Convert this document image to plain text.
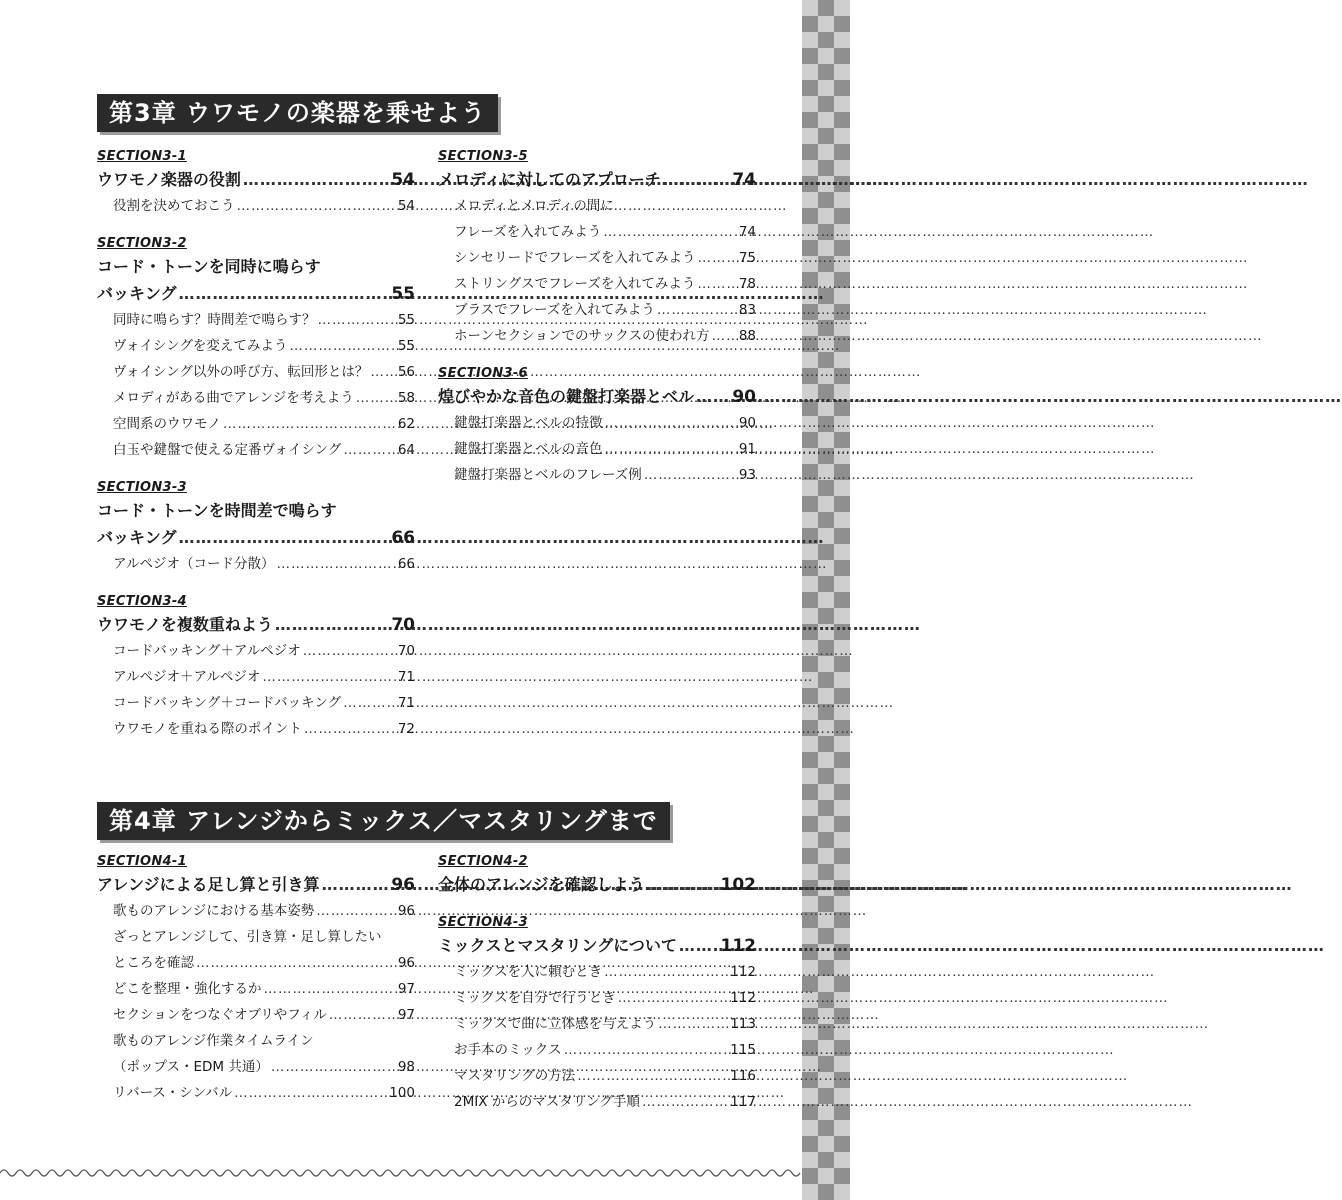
第3章 ウワモノの楽器を乗せよう
SECTION3-1
ウワモノ楽器の役割 ……………………………………………………………………………………………………	54
役割を決めておこう ……………………………………………………………………………………………………	54
SECTION3-2
コード・トーンを同時に鳴らす
バッキング ……………………………………………………………………………………………………	55
同時に鳴らす？時間差で鳴らす？ ……………………………………………………………………………………………………	55
ヴォイシングを変えてみよう ……………………………………………………………………………………………………	55
ヴォイシング以外の呼び方、転回形とは？ ……………………………………………………………………………………………………	56
メロディがある曲でアレンジを考えよう ……………………………………………………………………………………………………	58
空間系のウワモノ ……………………………………………………………………………………………………	62
白玉や鍵盤で使える定番ヴォイシング ……………………………………………………………………………………………………	64
SECTION3-3
コード・トーンを時間差で鳴らす
バッキング ……………………………………………………………………………………………………	66
アルペジオ（コード分散） ……………………………………………………………………………………………………	66
SECTION3-4
ウワモノを複数重ねよう ……………………………………………………………………………………………………	70
コードバッキング＋アルペジオ ……………………………………………………………………………………………………	70
アルペジオ＋アルペジオ ……………………………………………………………………………………………………	71
コードバッキング＋コードバッキング ……………………………………………………………………………………………………	71
ウワモノを重ねる際のポイント ……………………………………………………………………………………………………	72
SECTION3-5
メロディに対してのアプローチ ……………………………………………………………………………………………………	74
メロディとメロディの間に
フレーズを入れてみよう ……………………………………………………………………………………………………	74
シンセリードでフレーズを入れてみよう ……………………………………………………………………………………………………	75
ストリングスでフレーズを入れてみよう ……………………………………………………………………………………………………	78
ブラスでフレーズを入れてみよう ……………………………………………………………………………………………………	83
ホーンセクションでのサックスの使われ方 ……………………………………………………………………………………………………	88
SECTION3-6
煌びやかな音色の鍵盤打楽器とベル …………………………………………………………………………………………………… 90
鍵盤打楽器とベルの特徴 ……………………………………………………………………………………………………	90
鍵盤打楽器とベルの音色 ……………………………………………………………………………………………………	91
鍵盤打楽器とベルのフレーズ例 ……………………………………………………………………………………………………	93
第4章 アレンジからミックス／マスタリングまで
SECTION4-1
アレンジによる足し算と引き算 ……………………………………………………………………………………………………	96
歌ものアレンジにおける基本姿勢 ……………………………………………………………………………………………………	96
ざっとアレンジして、引き算・足し算したい
ところを確認 ……………………………………………………………………………………………………	96
どこを整理・強化するか ……………………………………………………………………………………………………	97
セクションをつなぐオブリやフィル ……………………………………………………………………………………………………	97
歌ものアレンジ作業タイムライン
（ポップス・EDM 共通） ……………………………………………………………………………………………………	98
リバース・シンバル ……………………………………………………………………………………………………	100
SECTION4-2
全体のアレンジを確認しよう ……………………………………………………………………………………………………	102
SECTION4-3
ミックスとマスタリングについて ……………………………………………………………………………………………………	112
ミックスを人に頼むとき ……………………………………………………………………………………………………	112
ミックスを自分で行うとき ……………………………………………………………………………………………………	112
ミックスで曲に立体感を与えよう ……………………………………………………………………………………………………	113
お手本のミックス ……………………………………………………………………………………………………	115
マスタリングの方法 ……………………………………………………………………………………………………	116
2MIX からのマスタリング手順 ……………………………………………………………………………………………………	117
